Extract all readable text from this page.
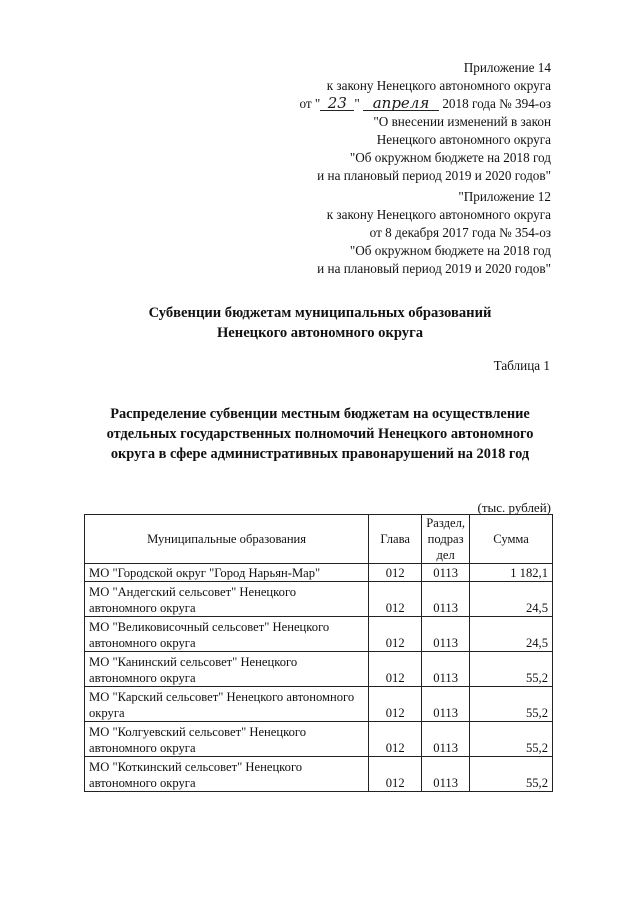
Приложение 14
к закону Ненецкого автономного округа
от " 23 " апреля 2018 года № 394-оз
"О внесении изменений в закон
Ненецкого автономного округа
"Об окружном бюджете на 2018 год
и на плановый период 2019 и 2020 годов"
"Приложение 12
к закону Ненецкого автономного округа
от 8 декабря 2017 года № 354-оз
"Об окружном бюджете на 2018 год
и на плановый период 2019 и 2020 годов"
Субвенции бюджетам муниципальных образований
Ненецкого автономного округа
Таблица 1
Распределение субвенции местным бюджетам на осуществление
отдельных государственных полномочий Ненецкого автономного
округа в сфере административных правонарушений на 2018 год
(тыс. рублей)
Муниципальные образования	Глава	Раздел,
подраз
дел	Сумма
МО "Городской округ "Город Нарьян-Мар"	012	0113	1 182,1

МО "Андегский сельсовет" Ненецкого
автономного округа	012	0113	24,5

МО "Великовисочный сельсовет" Ненецкого
автономного округа	012	0113	24,5

МО "Канинский сельсовет" Ненецкого
автономного округа	012	0113	55,2

МО "Карский сельсовет" Ненецкого автономного
округа	012	0113	55,2

МО "Колгуевский сельсовет" Ненецкого
автономного округа	012	0113	55,2

МО "Коткинский сельсовет" Ненецкого
автономного округа	012	0113	55,2
